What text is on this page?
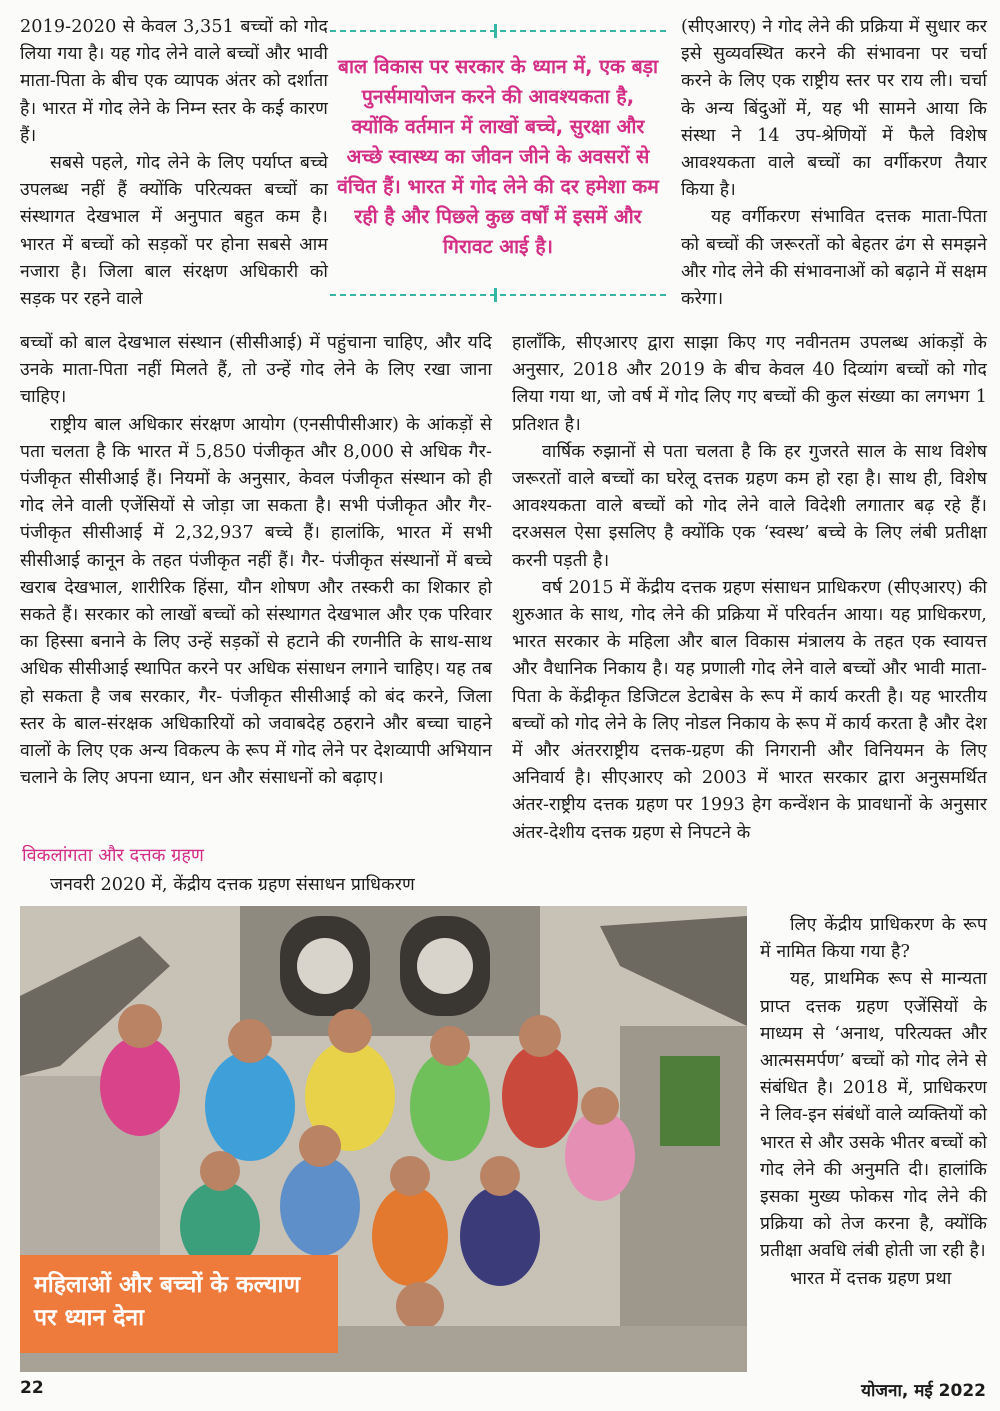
2019-2020 से केवल 3,351 बच्चों को गोद लिया गया है। यह गोद लेने वाले बच्चों और भावी माता-पिता के बीच एक व्यापक अंतर को दर्शाता है। भारत में गोद लेने के निम्न स्तर के कई कारण हैं।

सबसे पहले, गोद लेने के लिए पर्याप्त बच्चे उपलब्ध नहीं हैं क्योंकि परित्यक्त बच्चों का संस्थागत देखभाल में अनुपात बहुत कम है। भारत में बच्चों को सड़कों पर होना सबसे आम नजारा है। जिला बाल संरक्षण अधिकारी को सड़क पर रहने वाले

बाल विकास पर सरकार के ध्यान में, एक बड़ा पुनर्समायोजन करने की आवश्यकता है, क्योंकि वर्तमान में लाखों बच्चे, सुरक्षा और अच्छे स्वास्थ्य का जीवन जीने के अवसरों से वंचित हैं। भारत में गोद लेने की दर हमेशा कम रही है और पिछले कुछ वर्षों में इसमें और गिरावट आई है।

(सीएआरए) ने गोद लेने की प्रक्रिया में सुधार कर इसे सुव्यवस्थित करने की संभावना पर चर्चा करने के लिए एक राष्ट्रीय स्तर पर राय ली। चर्चा के अन्य बिंदुओं में, यह भी सामने आया कि संस्था ने 14 उप-श्रेणियों में फैले विशेष आवश्यकता वाले बच्चों का वर्गीकरण तैयार किया है।

यह वर्गीकरण संभावित दत्तक माता-पिता को बच्चों की जरूरतों को बेहतर ढंग से समझने और गोद लेने की संभावनाओं को बढ़ाने में सक्षम करेगा।

बच्चों को बाल देखभाल संस्थान (सीसीआई) में पहुंचाना चाहिए, और यदि उनके माता-पिता नहीं मिलते हैं, तो उन्हें गोद लेने के लिए रखा जाना चाहिए।

राष्ट्रीय बाल अधिकार संरक्षण आयोग (एनसीपीसीआर) के आंकड़ों से पता चलता है कि भारत में 5,850 पंजीकृत और 8,000 से अधिक गैर-पंजीकृत सीसीआई हैं। नियमों के अनुसार, केवल पंजीकृत संस्थान को ही गोद लेने वाली एजेंसियों से जोड़ा जा सकता है। सभी पंजीकृत और गैर-पंजीकृत सीसीआई में 2,32,937 बच्चे हैं। हालांकि, भारत में सभी सीसीआई कानून के तहत पंजीकृत नहीं हैं। गैर- पंजीकृत संस्थानों में बच्चे खराब देखभाल, शारीरिक हिंसा, यौन शोषण और तस्करी का शिकार हो सकते हैं। सरकार को लाखों बच्चों को संस्थागत देखभाल और एक परिवार का हिस्सा बनाने के लिए उन्हें सड़कों से हटाने की रणनीति के साथ-साथ अधिक सीसीआई स्थापित करने पर अधिक संसाधन लगाने चाहिए। यह तब हो सकता है जब सरकार, गैर- पंजीकृत सीसीआई को बंद करने, जिला स्तर के बाल-संरक्षक अधिकारियों को जवाबदेह ठहराने और बच्चा चाहने वालों के लिए एक अन्य विकल्प के रूप में गोद लेने पर देशव्यापी अभियान चलाने के लिए अपना ध्यान, धन और संसाधनों को बढ़ाए।

विकलांगता और दत्तक ग्रहण

जनवरी 2020 में, केंद्रीय दत्तक ग्रहण संसाधन प्राधिकरण

हालाँकि, सीएआरए द्वारा साझा किए गए नवीनतम उपलब्ध आंकड़ों के अनुसार, 2018 और 2019 के बीच केवल 40 दिव्यांग बच्चों को गोद लिया गया था, जो वर्ष में गोद लिए गए बच्चों की कुल संख्या का लगभग 1 प्रतिशत है।

वार्षिक रुझानों से पता चलता है कि हर गुजरते साल के साथ विशेष जरूरतों वाले बच्चों का घरेलू दत्तक ग्रहण कम हो रहा है। साथ ही, विशेष आवश्यकता वाले बच्चों को गोद लेने वाले विदेशी लगातार बढ़ रहे हैं। दरअसल ऐसा इसलिए है क्योंकि एक ‘स्वस्थ’ बच्चे के लिए लंबी प्रतीक्षा करनी पड़ती है।

वर्ष 2015 में केंद्रीय दत्तक ग्रहण संसाधन प्राधिकरण (सीएआरए) की शुरुआत के साथ, गोद लेने की प्रक्रिया में परिवर्तन आया। यह प्राधिकरण, भारत सरकार के महिला और बाल विकास मंत्रालय के तहत एक स्वायत्त और वैधानिक निकाय है। यह प्रणाली गोद लेने वाले बच्चों और भावी माता-पिता के केंद्रीकृत डिजिटल डेटाबेस के रूप में कार्य करती है। यह भारतीय बच्चों को गोद लेने के लिए नोडल निकाय के रूप में कार्य करता है और देश में और अंतरराष्ट्रीय दत्तक-ग्रहण की निगरानी और विनियमन के लिए अनिवार्य है। सीएआरए को 2003 में भारत सरकार द्वारा अनुसमर्थित अंतर-राष्ट्रीय दत्तक ग्रहण पर 1993 हेग कन्वेंशन के प्रावधानों के अनुसार अंतर-देशीय दत्तक ग्रहण से निपटने के

महिलाओं और बच्चों के कल्याण पर ध्यान देना

लिए केंद्रीय प्राधिकरण के रूप में नामित किया गया है?

यह, प्राथमिक रूप से मान्यता प्राप्त दत्तक ग्रहण एजेंसियों के माध्यम से ‘अनाथ, परित्यक्त और आत्मसमर्पण’ बच्चों को गोद लेने से संबंधित है। 2018 में, प्राधिकरण ने लिव-इन संबंधों वाले व्यक्तियों को भारत से और उसके भीतर बच्चों को गोद लेने की अनुमति दी। हालांकि इसका मुख्य फोकस गोद लेने की प्रक्रिया को तेज करना है, क्योंकि प्रतीक्षा अवधि लंबी होती जा रही है।

भारत में दत्तक ग्रहण प्रथा

22	योजना, मई 2022
